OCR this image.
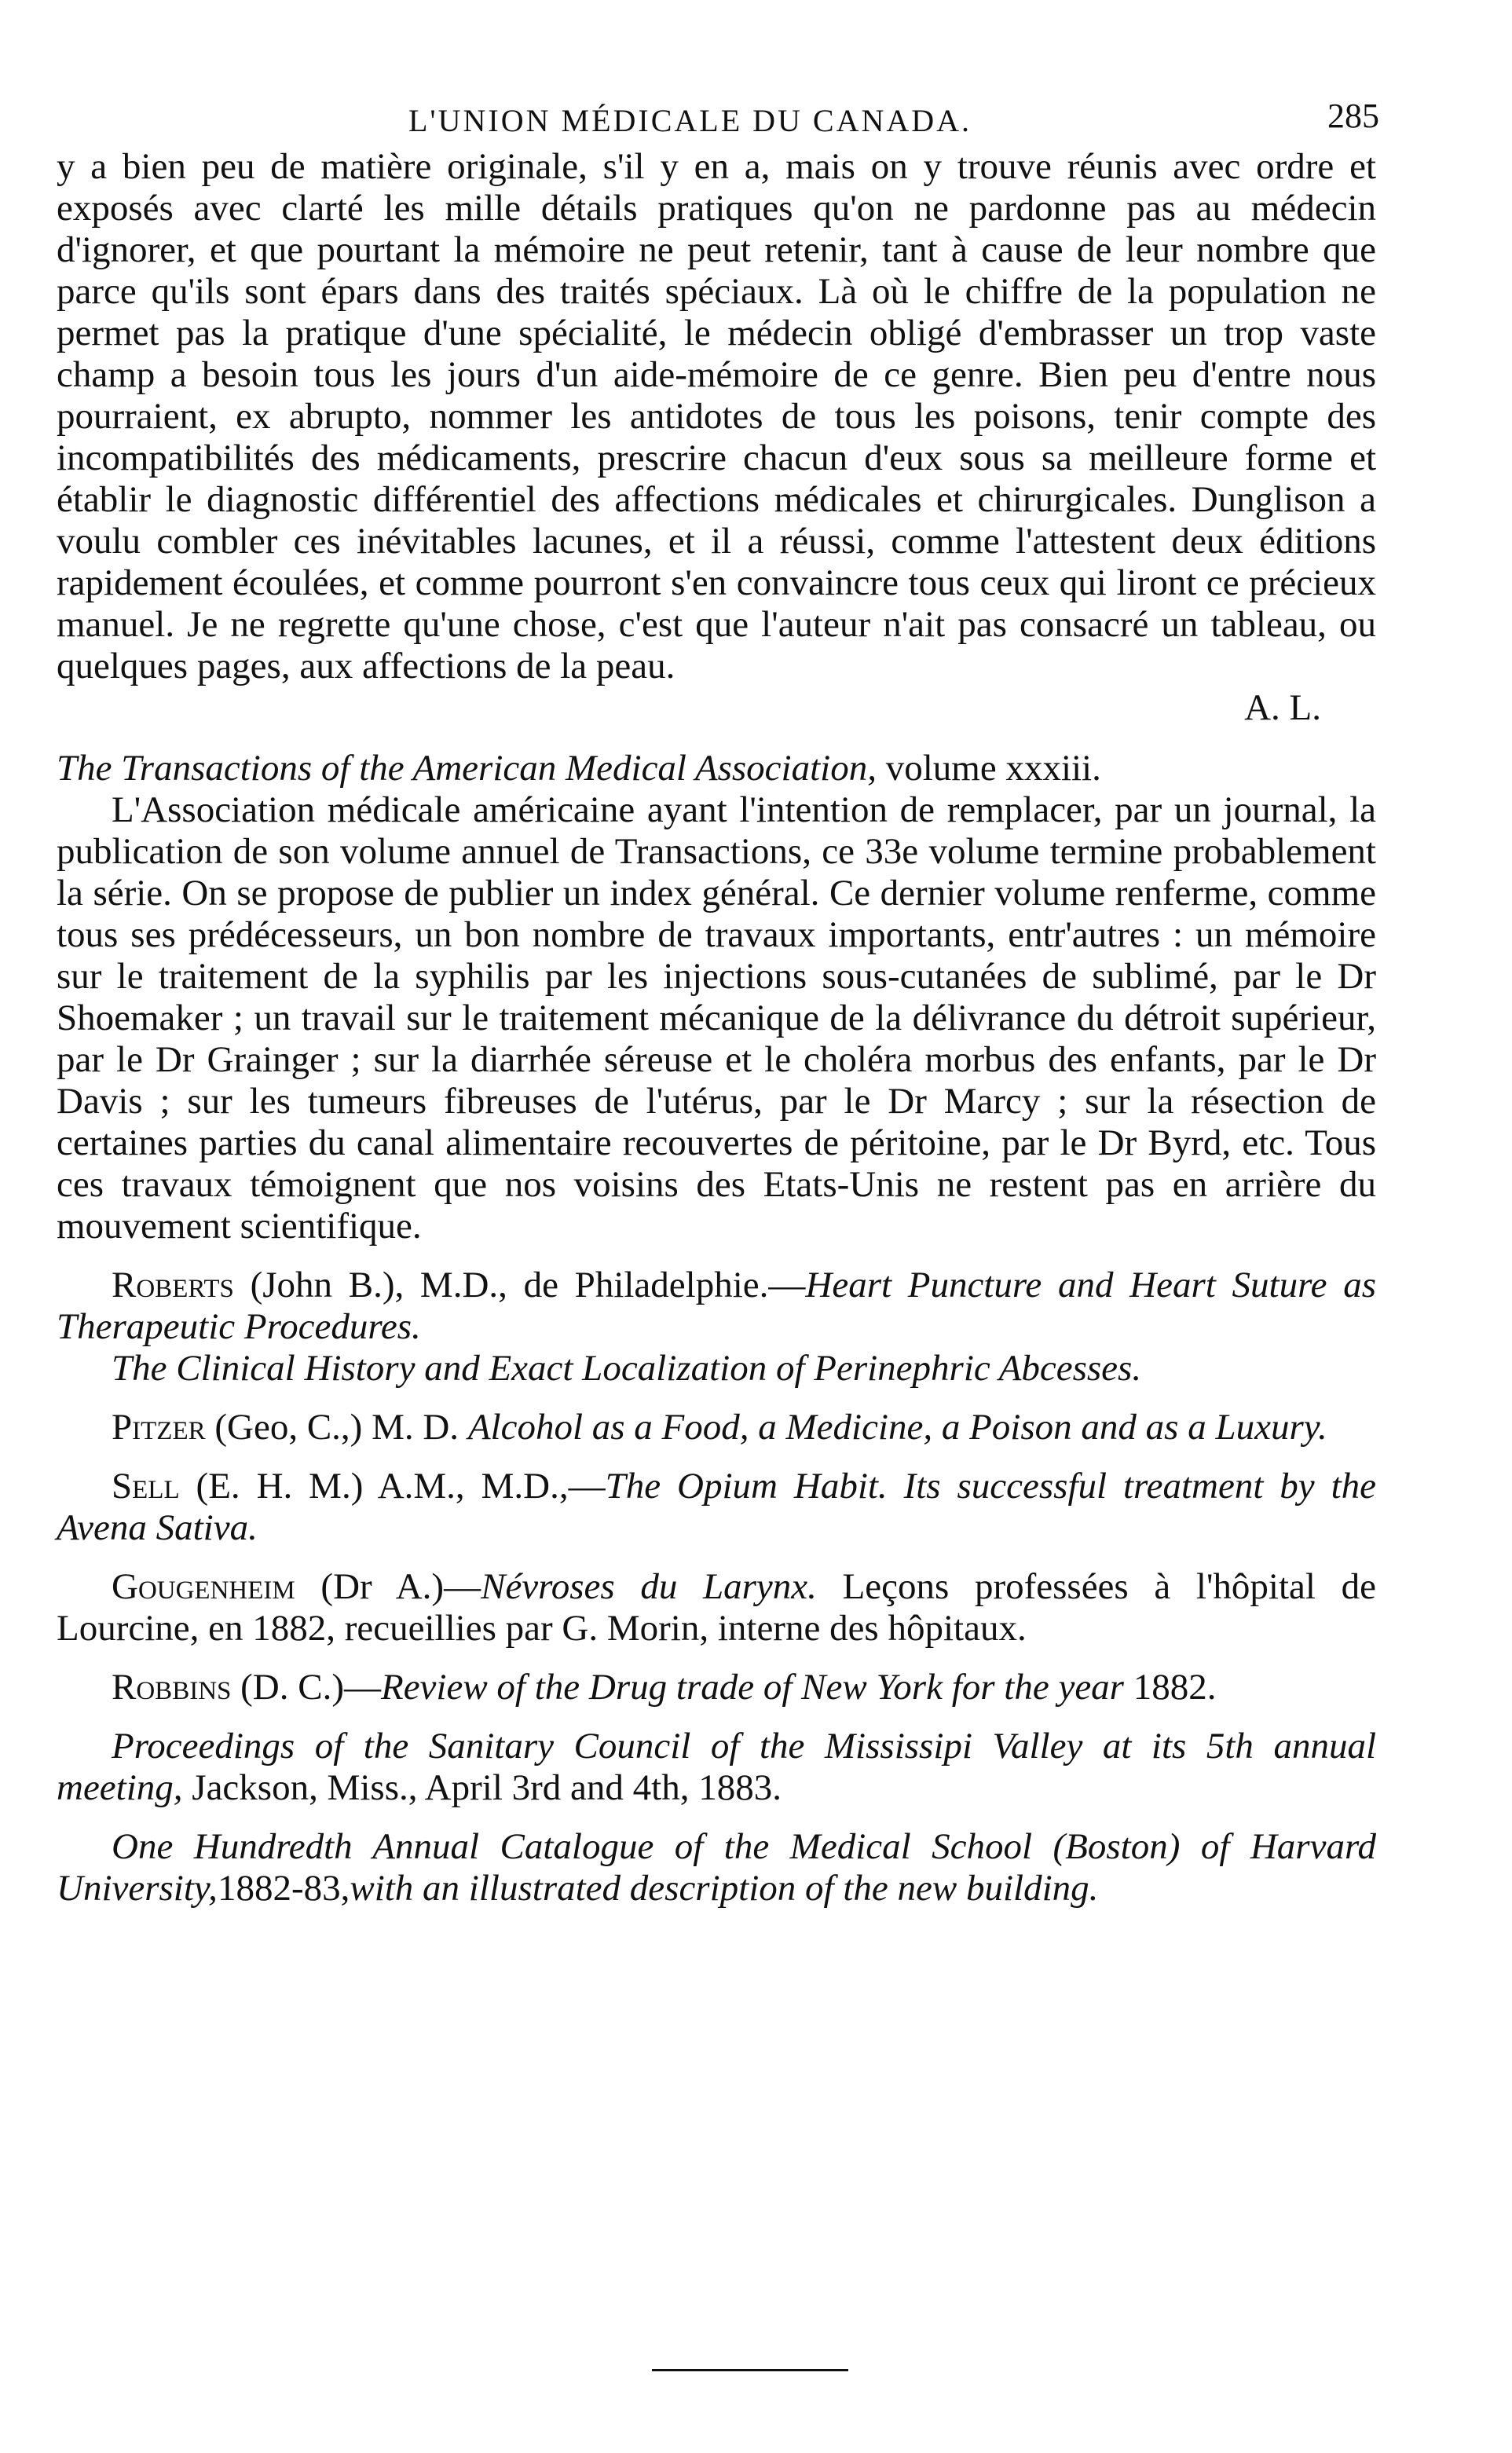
L'UNION MÉDICALE DU CANADA.	285

y a bien peu de matière originale, s'il y en a, mais on y trouve réunis avec ordre et exposés avec clarté les mille détails pratiques qu'on ne pardonne pas au médecin d'ignorer, et que pourtant la mémoire ne peut retenir, tant à cause de leur nombre que parce qu'ils sont épars dans des traités spéciaux. Là où le chiffre de la population ne permet pas la pratique d'une spécialité, le médecin obligé d'embrasser un trop vaste champ a besoin tous les jours d'un aide-mémoire de ce genre. Bien peu d'entre nous pourraient, ex abrupto, nommer les antidotes de tous les poisons, tenir compte des incompatibilités des médicaments, prescrire chacun d'eux sous sa meilleure forme et établir le diagnostic différentiel des affections médicales et chirurgicales. Dunglison a voulu combler ces inévitables lacunes, et il a réussi, comme l'attestent deux éditions rapidement écoulées, et comme pourront s'en convaincre tous ceux qui liront ce précieux manuel. Je ne regrette qu'une chose, c'est que l'auteur n'ait pas consacré un tableau, ou quelques pages, aux affections de la peau.

A. L.

The Transactions of the American Medical Association, volume xxxiii.

L'Association médicale américaine ayant l'intention de remplacer, par un journal, la publication de son volume annuel de Transactions, ce 33e volume termine probablement la série. On se propose de publier un index général. Ce dernier volume renferme, comme tous ses prédécesseurs, un bon nombre de travaux importants, entr'autres : un mémoire sur le traitement de la syphilis par les injections sous-cutanées de sublimé, par le Dr Shoemaker ; un travail sur le traitement mécanique de la délivrance du détroit supérieur, par le Dr Grainger ; sur la diarrhée séreuse et le choléra morbus des enfants, par le Dr Davis ; sur les tumeurs fibreuses de l'utérus, par le Dr Marcy ; sur la résection de certaines parties du canal alimentaire recouvertes de péritoine, par le Dr Byrd, etc. Tous ces travaux témoignent que nos voisins des Etats-Unis ne restent pas en arrière du mouvement scientifique.

Roberts (John B.), M.D., de Philadelphie.—Heart Puncture and Heart Suture as Therapeutic Procedures.

The Clinical History and Exact Localization of Perinephric Abcesses.

Pitzer (Geo, C.,) M. D. Alcohol as a Food, a Medicine, a Poison and as a Luxury.

Sell (E. H. M.) A.M., M.D.,—The Opium Habit. Its successful treatment by the Avena Sativa.

Gougenheim (Dr A.)—Névroses du Larynx. Leçons professées à l'hôpital de Lourcine, en 1882, recueillies par G. Morin, interne des hôpitaux.

Robbins (D. C.)—Review of the Drug trade of New York for the year 1882.

Proceedings of the Sanitary Council of the Mississipi Valley at its 5th annual meeting, Jackson, Miss., April 3rd and 4th, 1883.

One Hundredth Annual Catalogue of the Medical School (Boston) of Harvard University,1882-83,with an illustrated description of the new building.
